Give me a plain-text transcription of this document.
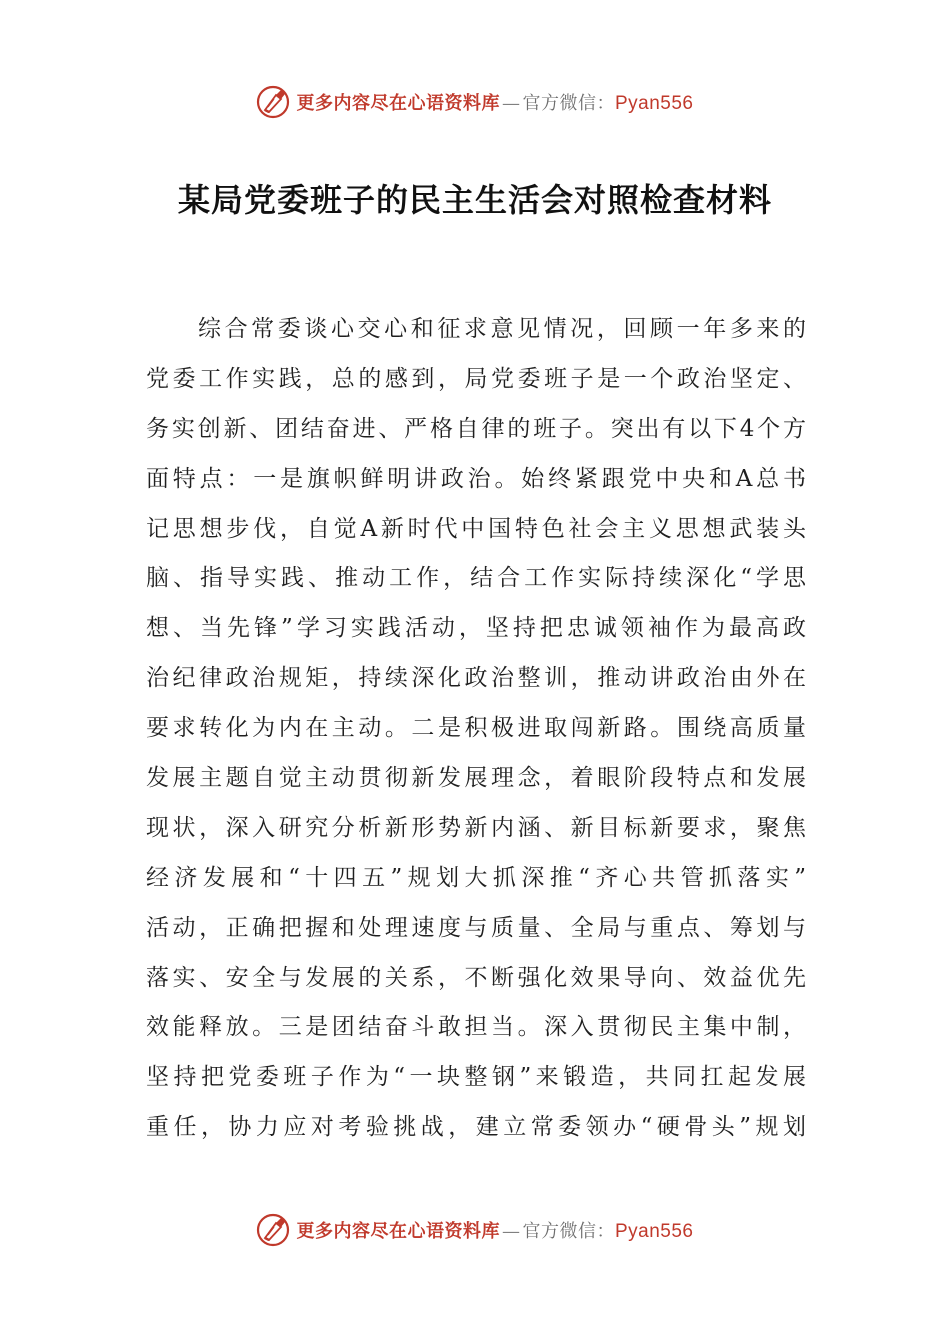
更多内容尽在心语资料库 — 官方微信： Pyan556
某局党委班子的民主生活会对照检查材料
综合常委谈心交心和征求意见情况，回顾一年多来的
党委工作实践，总的感到，局党委班子是一个政治坚定、
务实创新、团结奋进、严格自律的班子。突出有以下4个方
面特点：一是旗帜鲜明讲政治。始终紧跟党中央和A总书
记思想步伐，自觉A新时代中国特色社会主义思想武装头
脑、指导实践、推动工作，结合工作实际持续深化“学思
想、当先锋”学习实践活动，坚持把忠诚领袖作为最高政
治纪律政治规矩，持续深化政治整训，推动讲政治由外在
要求转化为内在主动。二是积极进取闯新路。围绕高质量
发展主题自觉主动贯彻新发展理念，着眼阶段特点和发展
现状，深入研究分析新形势新内涵、新目标新要求，聚焦
经济发展和“十四五”规划大抓深推“齐心共管抓落实”
活动，正确把握和处理速度与质量、全局与重点、筹划与
落实、安全与发展的关系，不断强化效果导向、效益优先
效能释放。三是团结奋斗敢担当。深入贯彻民主集中制，
坚持把党委班子作为“一块整钢”来锻造，共同扛起发展
重任，协力应对考验挑战，建立常委领办“硬骨头”规划
更多内容尽在心语资料库 — 官方微信： Pyan556
